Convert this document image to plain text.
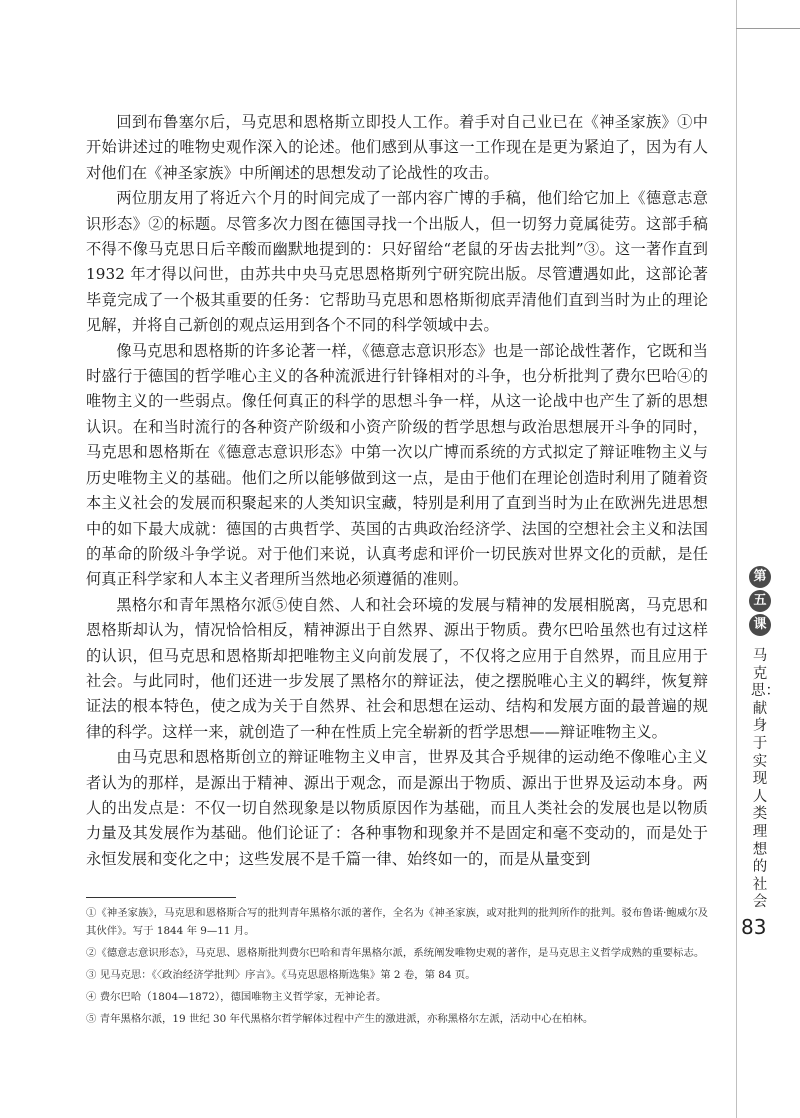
回到布鲁塞尔后，马克思和恩格斯立即投人工作。着手对自己业已在《神圣家族》①中开始讲述过的唯物史观作深入的论述。他们感到从事这一工作现在是更为紧迫了，因为有人对他们在《神圣家族》中所阐述的思想发动了论战性的攻击。

两位朋友用了将近六个月的时间完成了一部内容广博的手稿，他们给它加上《德意志意识形态》②的标题。尽管多次力图在德国寻找一个出版人，但一切努力竟属徒劳。这部手稿不得不像马克思日后辛酸而幽默地提到的：只好留给“老鼠的牙齿去批判”③。这一著作直到 1932 年才得以问世，由苏共中央马克思恩格斯列宁研究院出版。尽管遭遇如此，这部论著毕竟完成了一个极其重要的任务：它帮助马克思和恩格斯彻底弄清他们直到当时为止的理论见解，并将自己新创的观点运用到各个不同的科学领域中去。

像马克思和恩格斯的许多论著一样，《德意志意识形态》也是一部论战性著作，它既和当时盛行于德国的哲学唯心主义的各种流派进行针锋相对的斗争，也分析批判了费尔巴哈④的唯物主义的一些弱点。像任何真正的科学的思想斗争一样，从这一论战中也产生了新的思想认识。在和当时流行的各种资产阶级和小资产阶级的哲学思想与政治思想展开斗争的同时，马克思和恩格斯在《德意志意识形态》中第一次以广博而系统的方式拟定了辩证唯物主义与历史唯物主义的基础。他们之所以能够做到这一点，是由于他们在理论创造时利用了随着资本主义社会的发展而积聚起来的人类知识宝藏，特别是利用了直到当时为止在欧洲先进思想中的如下最大成就：德国的古典哲学、英国的古典政治经济学、法国的空想社会主义和法国的革命的阶级斗争学说。对于他们来说，认真考虑和评价一切民族对世界文化的贡献，是任何真正科学家和人本主义者理所当然地必须遵循的准则。

黑格尔和青年黑格尔派⑤使自然、人和社会环境的发展与精神的发展相脱离，马克思和恩格斯却认为，情况恰恰相反，精神源出于自然界、源出于物质。费尔巴哈虽然也有过这样的认识，但马克思和恩格斯却把唯物主义向前发展了，不仅将之应用于自然界，而且应用于社会。与此同时，他们还进一步发展了黑格尔的辩证法，使之摆脱唯心主义的羁绊，恢复辩证法的根本特色，使之成为关于自然界、社会和思想在运动、结构和发展方面的最普遍的规律的科学。这样一来，就创造了一种在性质上完全崭新的哲学思想——辩证唯物主义。

由马克思和恩格斯创立的辩证唯物主义申言，世界及其合乎规律的运动绝不像唯心主义者认为的那样，是源出于精神、源出于观念，而是源出于物质、源出于世界及运动本身。两人的出发点是：不仅一切自然现象是以物质原因作为基础，而且人类社会的发展也是以物质力量及其发展作为基础。他们论证了：各种事物和现象并不是固定和毫不变动的，而是处于永恒发展和变化之中；这些发展不是千篇一律、始终如一的，而是从量变到

①《神圣家族》，马克思和恩格斯合写的批判青年黑格尔派的著作，全名为《神圣家族，或对批判的批判所作的批判。驳布鲁诺·鲍威尔及其伙伴》。写于 1844 年 9—11 月。

②《德意志意识形态》，马克思、恩格斯批判费尔巴哈和青年黑格尔派，系统阐发唯物史观的著作，是马克思主义哲学成熟的重要标志。

③ 见马克思：《〈政治经济学批判〉序言》。《马克思恩格斯选集》第 2 卷，第 84 页。

④ 费尔巴哈（1804—1872），德国唯物主义哲学家，无神论者。

⑤ 青年黑格尔派，19 世纪 30 年代黑格尔哲学解体过程中产生的激进派，亦称黑格尔左派，活动中心在柏林。

第
五
课
马克思：献身于实现人类理想的社会
83
